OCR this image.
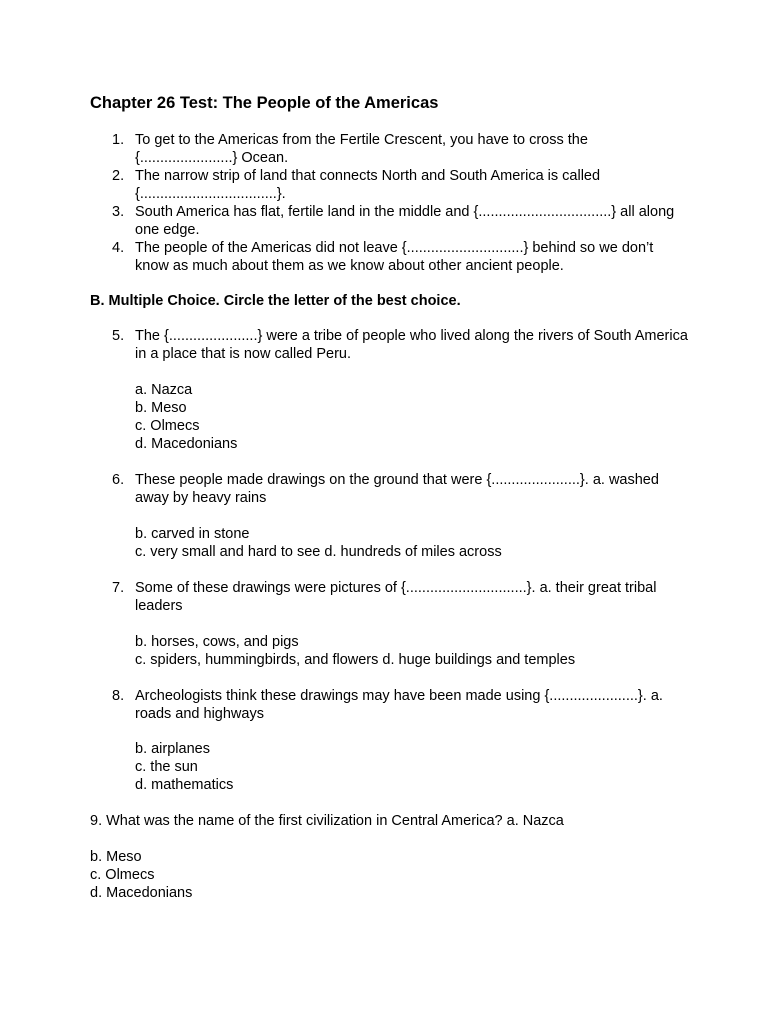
Chapter 26 Test: The People of the Americas
1. To get to the Americas from the Fertile Crescent, you have to cross the {.......................} Ocean.
2. The narrow strip of land that connects North and South America is called {..................................}.
3. South America has flat, fertile land in the middle and {.................................} all along one edge.
4. The people of the Americas did not leave {.............................} behind so we don’t know as much about them as we know about other ancient people.
B. Multiple Choice. Circle the letter of the best choice.
5. The {......................} were a tribe of people who lived along the rivers of South America in a place that is now called Peru.
a. Nazca
b. Meso
c. Olmecs
d. Macedonians
6. These people made drawings on the ground that were {......................}. a. washed away by heavy rains
b. carved in stone
c. very small and hard to see d. hundreds of miles across
7. Some of these drawings were pictures of {..............................}. a. their great tribal leaders
b. horses, cows, and pigs
c. spiders, hummingbirds, and flowers d. huge buildings and temples
8. Archeologists think these drawings may have been made using {......................}. a. roads and highways
b. airplanes
c. the sun
d. mathematics
9. What was the name of the first civilization in Central America? a. Nazca
b. Meso
c. Olmecs
d. Macedonians
